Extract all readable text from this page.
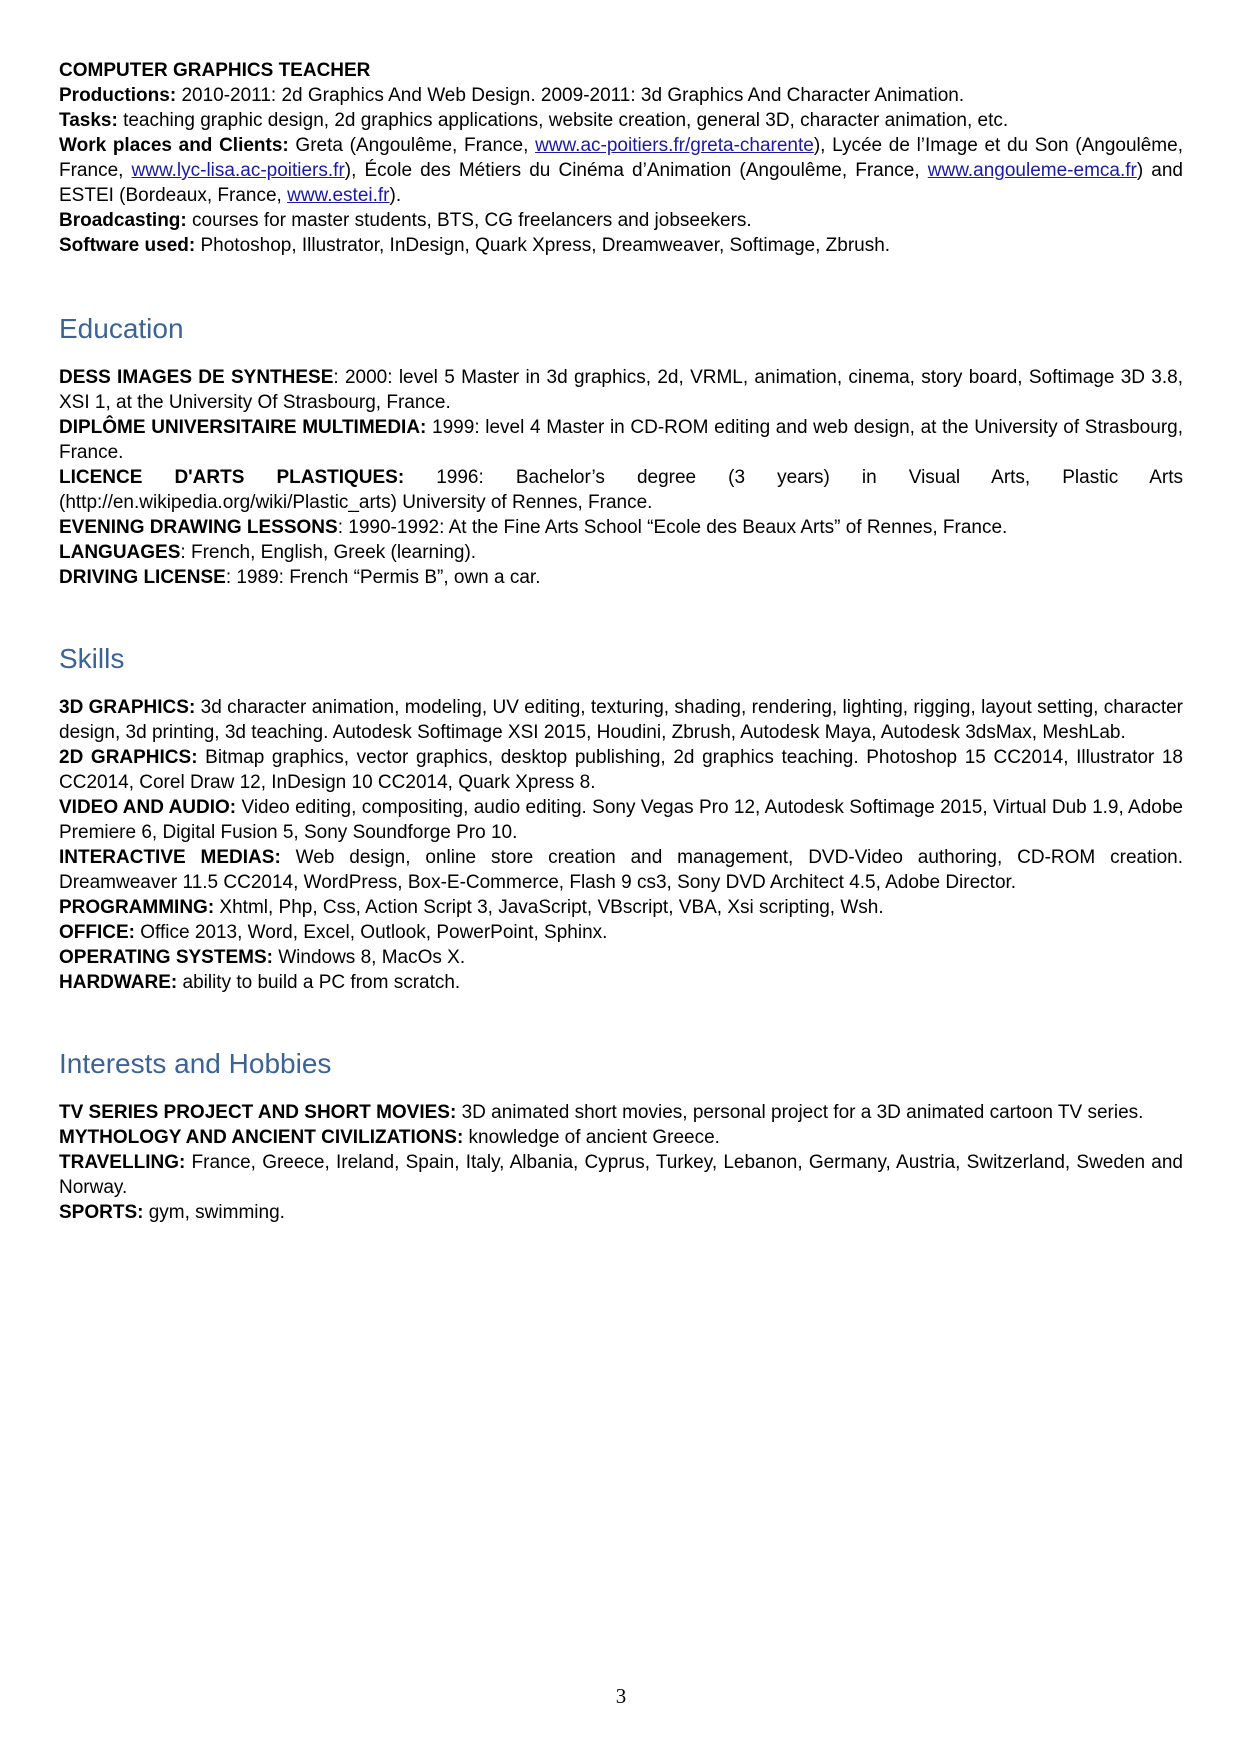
COMPUTER GRAPHICS TEACHER

Productions: 2010-2011: 2d Graphics And Web Design. 2009-2011: 3d Graphics And Character Animation.

Tasks: teaching graphic design, 2d graphics applications, website creation, general 3D, character animation, etc.

Work places and Clients: Greta (Angoulême, France, www.ac-poitiers.fr/greta-charente), Lycée de l’Image et du Son (Angoulême, France, www.lyc-lisa.ac-poitiers.fr), École des Métiers du Cinéma d’Animation (Angoulême, France, www.angouleme-emca.fr) and ESTEI (Bordeaux, France, www.estei.fr).

Broadcasting: courses for master students, BTS, CG freelancers and jobseekers.

Software used: Photoshop, Illustrator, InDesign, Quark Xpress, Dreamweaver, Softimage, Zbrush.

Education

DESS IMAGES DE SYNTHESE: 2000: level 5 Master in 3d graphics, 2d, VRML, animation, cinema, story board, Softimage 3D 3.8, XSI 1, at the University Of Strasbourg, France.

DIPLÔME UNIVERSITAIRE MULTIMEDIA: 1999: level 4 Master in CD-ROM editing and web design, at the University of Strasbourg, France.

LICENCE D'ARTS PLASTIQUES: 1996: Bachelor’s degree (3 years) in Visual Arts, Plastic Arts (http://en.wikipedia.org/wiki/Plastic_arts) University of Rennes, France.

EVENING DRAWING LESSONS: 1990-1992: At the Fine Arts School “Ecole des Beaux Arts” of Rennes, France.

LANGUAGES: French, English, Greek (learning).

DRIVING LICENSE: 1989: French “Permis B”, own a car.

Skills

3D GRAPHICS: 3d character animation, modeling, UV editing, texturing, shading, rendering, lighting, rigging, layout setting, character design, 3d printing, 3d teaching. Autodesk Softimage XSI 2015, Houdini, Zbrush, Autodesk Maya, Autodesk 3dsMax, MeshLab.

2D GRAPHICS: Bitmap graphics, vector graphics, desktop publishing, 2d graphics teaching. Photoshop 15 CC2014, Illustrator 18 CC2014, Corel Draw 12, InDesign 10 CC2014, Quark Xpress 8.

VIDEO AND AUDIO: Video editing, compositing, audio editing. Sony Vegas Pro 12, Autodesk Softimage 2015, Virtual Dub 1.9, Adobe Premiere 6, Digital Fusion 5, Sony Soundforge Pro 10.

INTERACTIVE MEDIAS: Web design, online store creation and management, DVD-Video authoring, CD-ROM creation. Dreamweaver 11.5 CC2014, WordPress, Box-E-Commerce, Flash 9 cs3, Sony DVD Architect 4.5, Adobe Director.

PROGRAMMING: Xhtml, Php, Css, Action Script 3, JavaScript, VBscript, VBA, Xsi scripting, Wsh.

OFFICE: Office 2013, Word, Excel, Outlook, PowerPoint, Sphinx.

OPERATING SYSTEMS: Windows 8, MacOs X.

HARDWARE: ability to build a PC from scratch.

Interests and Hobbies

TV SERIES PROJECT AND SHORT MOVIES: 3D animated short movies, personal project for a 3D animated cartoon TV series.

MYTHOLOGY AND ANCIENT CIVILIZATIONS: knowledge of ancient Greece.

TRAVELLING: France, Greece, Ireland, Spain, Italy, Albania, Cyprus, Turkey, Lebanon, Germany, Austria, Switzerland, Sweden and Norway.

SPORTS: gym, swimming.

3
